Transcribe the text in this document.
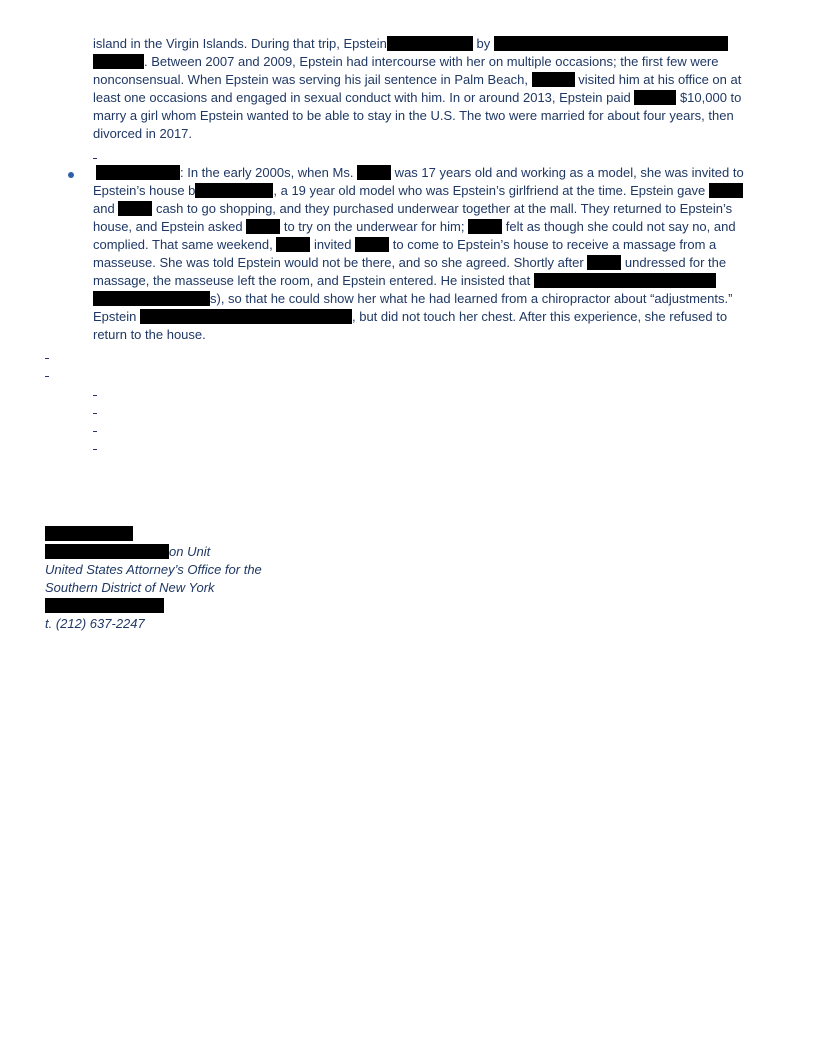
island in the Virgin Islands. During that trip, Epstein	by
. Between 2007 and 2009, Epstein had intercourse with her on multiple occasions; the first few were
nonconsensual. When Epstein was serving his jail sentence in Palm Beach,	visited him at his office on at
least one occasions and engaged in sexual conduct with him. In or around 2013, Epstein paid	$10,000 to
marry a girl whom Epstein wanted to be able to stay in the U.S. The two were married for about four years, then
divorced in 2017.
: In the early 2000s, when Ms.	was 17 years old and working as a model, she was invited to
Epstein’s house b	, a 19 year old model who was Epstein’s girlfriend at the time. Epstein gave
and	cash to go shopping, and they purchased underwear together at the mall. They returned to Epstein’s
house, and Epstein asked	to try on the underwear for him;	felt as though she could not say no, and
complied. That same weekend,	invited	to come to Epstein’s house to receive a massage from a
masseuse. She was told Epstein would not be there, and so she agreed. Shortly after	undressed for the
massage, the masseuse left the room, and Epstein entered. He insisted that
s), so that he could show her what he had learned from a chiropractor about “adjustments.”
Epstein	, but did not touch her chest. After this experience, she refused to
return to the house.
on Unit
United States Attorney’s Office for the
Southern District of New York
t. (212) 637-2247
